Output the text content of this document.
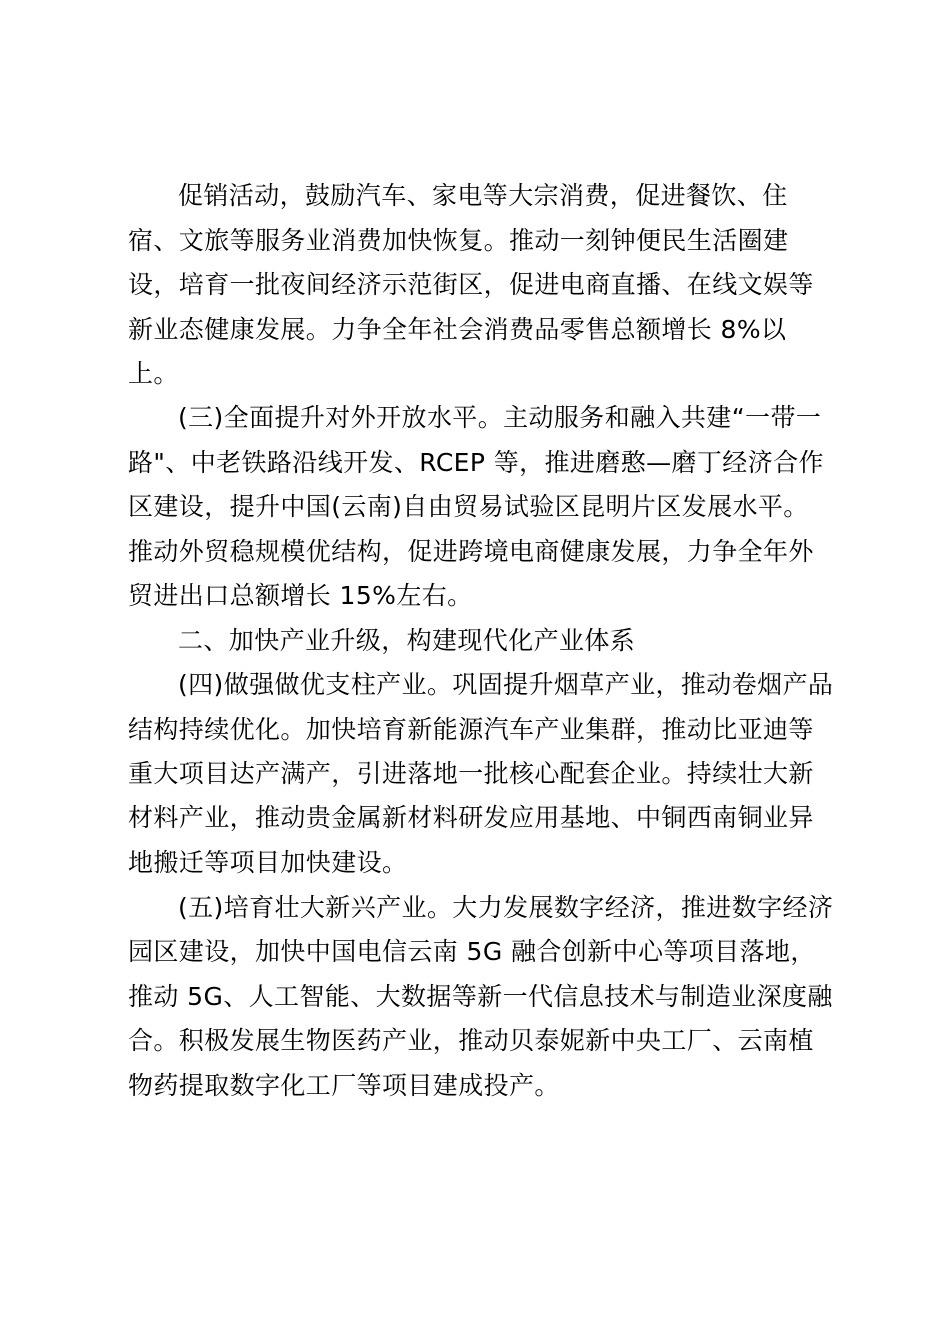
促销活动，鼓励汽车、家电等大宗消费，促进餐饮、住
宿、文旅等服务业消费加快恢复。推动一刻钟便民生活圈建
设，培育一批夜间经济示范街区，促进电商直播、在线文娱等
新业态健康发展。力争全年社会消费品零售总额增长 8%以
上。
(三)全面提升对外开放水平。主动服务和融入共建“一带一
路"、中老铁路沿线开发、RCEP 等，推进磨憨—磨丁经济合作
区建设，提升中国(云南)自由贸易试验区昆明片区发展水平。
推动外贸稳规模优结构，促进跨境电商健康发展，力争全年外
贸进出口总额增长 15%左右。
二、加快产业升级，构建现代化产业体系
(四)做强做优支柱产业。巩固提升烟草产业，推动卷烟产品
结构持续优化。加快培育新能源汽车产业集群，推动比亚迪等
重大项目达产满产，引进落地一批核心配套企业。持续壮大新
材料产业，推动贵金属新材料研发应用基地、中铜西南铜业异
地搬迁等项目加快建设。
(五)培育壮大新兴产业。大力发展数字经济，推进数字经济
园区建设，加快中国电信云南 5G 融合创新中心等项目落地，
推动 5G、人工智能、大数据等新一代信息技术与制造业深度融
合。积极发展生物医药产业，推动贝泰妮新中央工厂、云南植
物药提取数字化工厂等项目建成投产。
